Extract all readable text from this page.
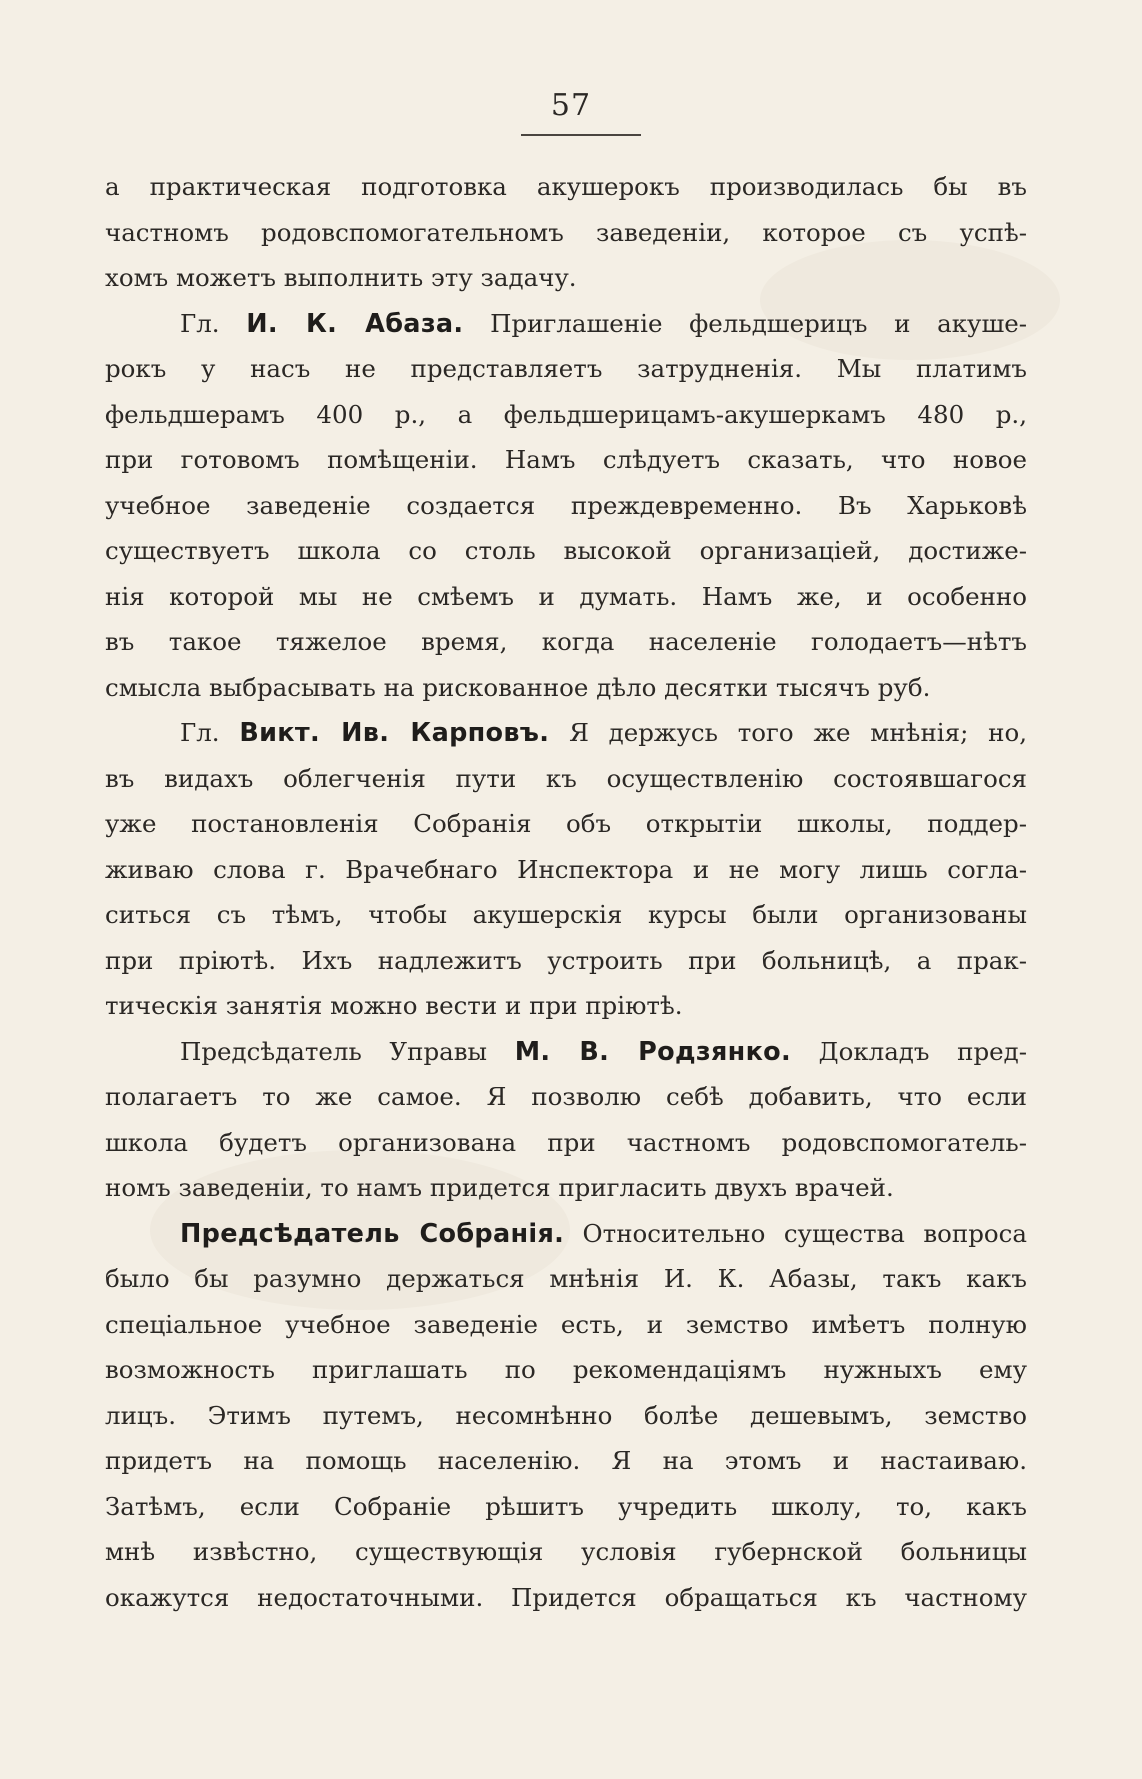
57
а практическая подготовка акушерокъ производилась бы въ
частномъ родовспомогательномъ заведенiи, которое съ успѣ-
хомъ можетъ выполнить эту задачу.
Гл. И. К. Абаза. Приглашенiе фельдшерицъ и акуше-
рокъ у насъ не представляетъ затрудненiя. Мы платимъ
фельдшерамъ 400 р., а фельдшерицамъ-акушеркамъ 480 р.,
при готовомъ помѣщенiи. Намъ слѣдуетъ сказать, что новое
учебное заведенiе создается преждевременно. Въ Харьковѣ
существуетъ школа со столь высокой организацiей, достиже-
нiя которой мы не смѣемъ и думать. Намъ же, и особенно
въ такое тяжелое время, когда населенiе голодаетъ—нѣтъ
смысла выбрасывать на рискованное дѣло десятки тысячъ руб.
Гл. Викт. Ив. Карповъ. Я держусь того же мнѣнiя; но,
въ видахъ облегченiя пути къ осуществленiю состоявшагося
уже постановленiя Собранiя объ открытiи школы, поддер-
живаю слова г. Врачебнаго Инспектора и не могу лишь согла-
ситься съ тѣмъ, чтобы акушерскiя курсы были организованы
при прiютѣ. Ихъ надлежитъ устроить при больницѣ, а прак-
тическiя занятiя можно вести и при прiютѣ.
Предсѣдатель Управы М. В. Родзянко. Докладъ пред-
полагаетъ то же самое. Я позволю себѣ добавить, что если
школа будетъ организована при частномъ родовспомогатель-
номъ заведенiи, то намъ придется пригласить двухъ врачей.
Предсѣдатель Собранiя. Относительно существа вопроса
было бы разумно держаться мнѣнiя И. К. Абазы, такъ какъ
спецiальное учебное заведенiе есть, и земство имѣетъ полную
возможность приглашать по рекомендацiямъ нужныхъ ему
лицъ. Этимъ путемъ, несомнѣнно болѣе дешевымъ, земство
придетъ на помощь населенiю. Я на этомъ и настаиваю.
Затѣмъ, если Собранiе рѣшитъ учредить школу, то, какъ
мнѣ извѣстно, существующiя условiя губернской больницы
окажутся недостаточными. Придется обращаться къ частному
